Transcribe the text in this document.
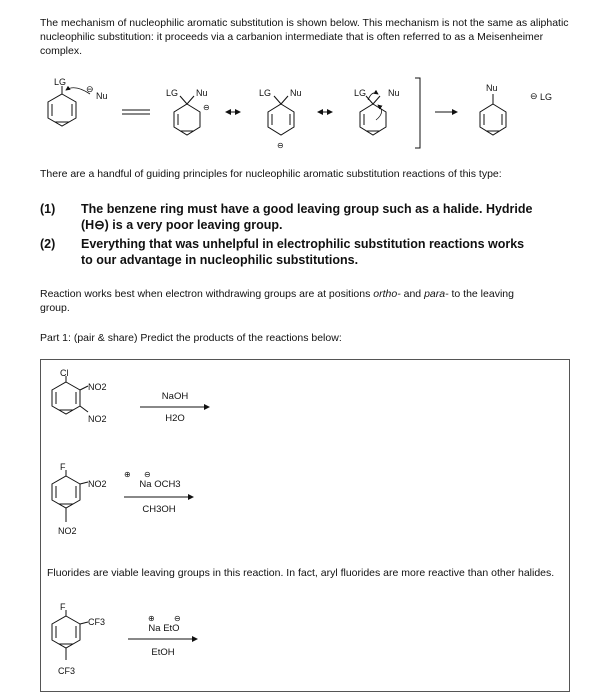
The mechanism of nucleophilic aromatic substitution is shown below. This mechanism is not the same as aliphatic nucleophilic substitution: it proceeds via a carbanion intermediate that is often referred to as a Meisenheimer complex.
LG
⊖
Nu	LG Nu
⊖
LG Nu
⊖
LG Nu	Nu
⊖ LG
There are a handful of guiding principles for nucleophilic aromatic substitution reactions of this type:
(1) The benzene ring must have a good leaving group such as a halide. Hydride
(H⊖) is a very poor leaving group.
(2) Everything that was unhelpful in electrophilic substitution reactions works
to our advantage in nucleophilic substitutions.
Reaction works best when electron withdrawing groups are at positions ortho- and para- to the leaving
group.
Part 1: (pair & share) Predict the products of the reactions below:
Cl
NO2
NO2
NaOH
H2O
F
NO2
NO2
⊕ ⊖
Na OCH3
CH3OH
Fluorides are viable leaving groups in this reaction. In fact, aryl fluorides are more reactive than other halides.
F
CF3
CF3
⊕ ⊖
Na EtO
EtOH
